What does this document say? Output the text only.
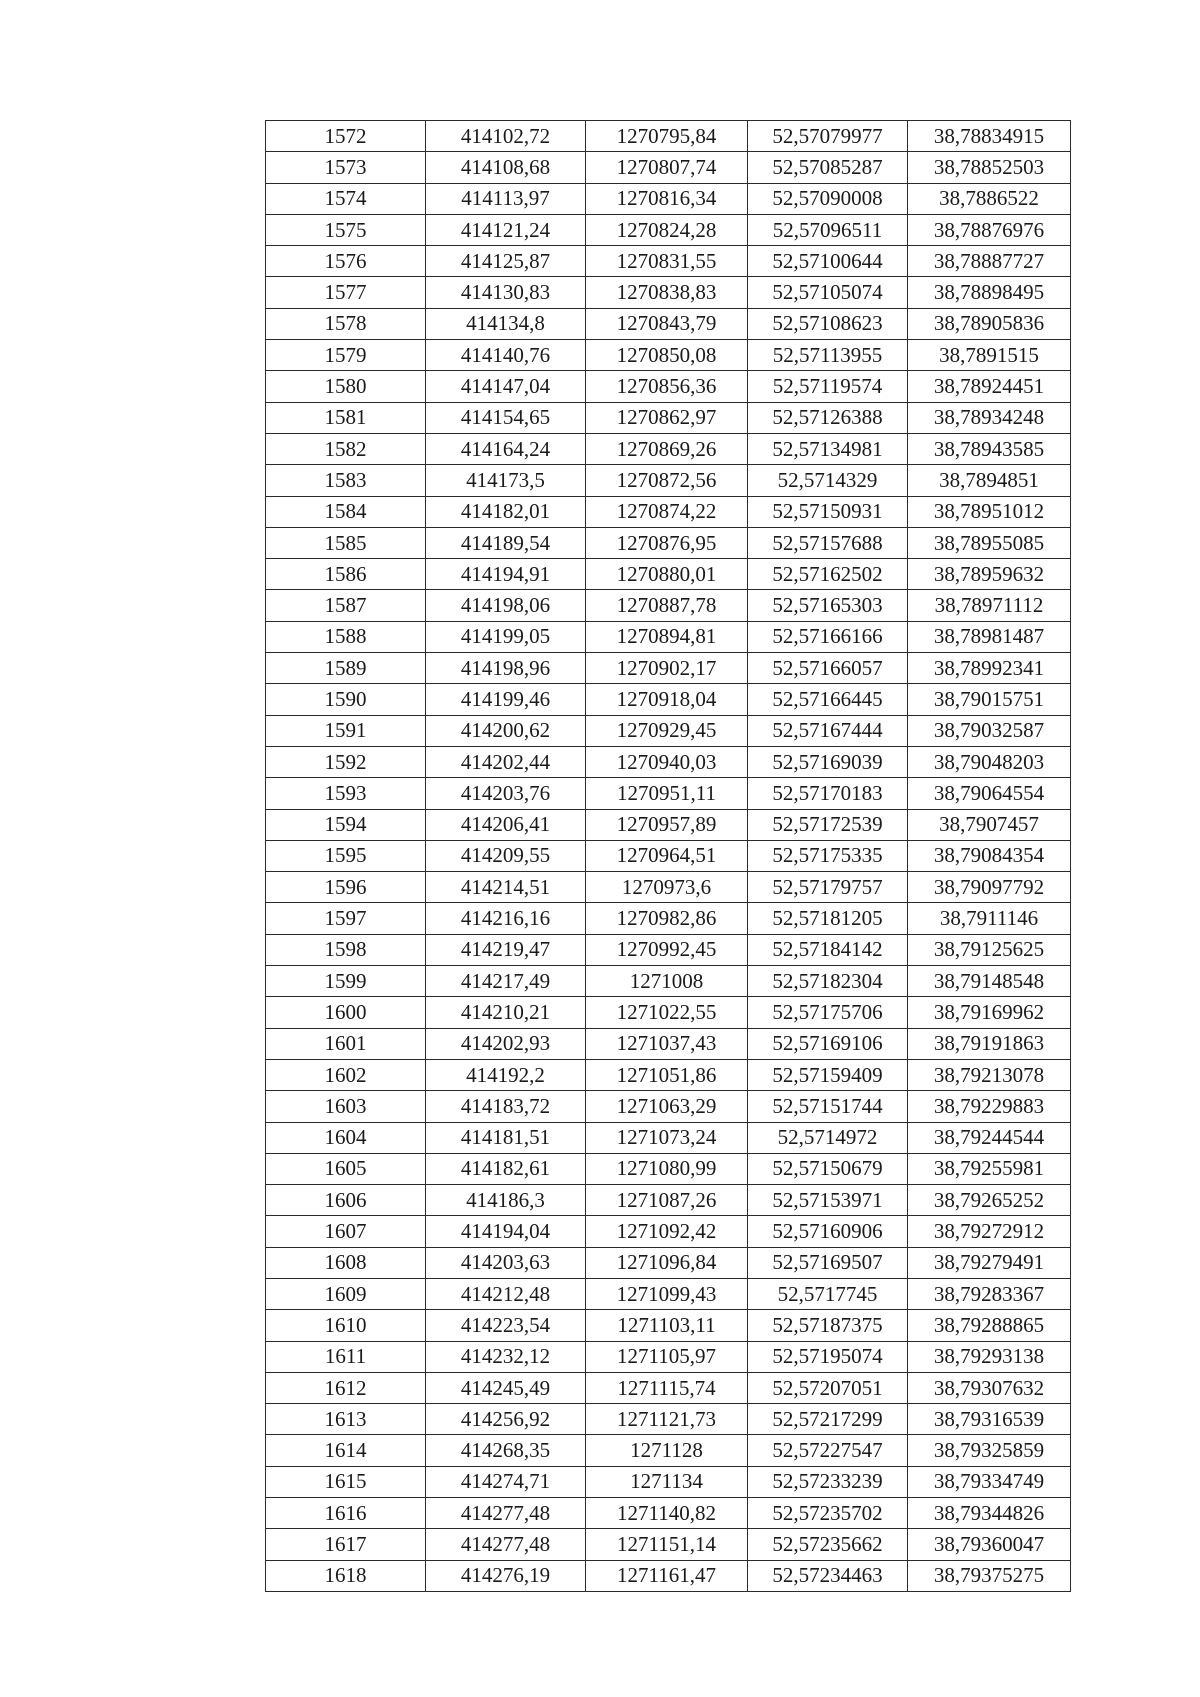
1572	414102,72	1270795,84	52,57079977	38,78834915
1573	414108,68	1270807,74	52,57085287	38,78852503
1574	414113,97	1270816,34	52,57090008	38,7886522
1575	414121,24	1270824,28	52,57096511	38,78876976
1576	414125,87	1270831,55	52,57100644	38,78887727
1577	414130,83	1270838,83	52,57105074	38,78898495
1578	414134,8	1270843,79	52,57108623	38,78905836
1579	414140,76	1270850,08	52,57113955	38,7891515
1580	414147,04	1270856,36	52,57119574	38,78924451
1581	414154,65	1270862,97	52,57126388	38,78934248
1582	414164,24	1270869,26	52,57134981	38,78943585
1583	414173,5	1270872,56	52,5714329	38,7894851
1584	414182,01	1270874,22	52,57150931	38,78951012
1585	414189,54	1270876,95	52,57157688	38,78955085
1586	414194,91	1270880,01	52,57162502	38,78959632
1587	414198,06	1270887,78	52,57165303	38,78971112
1588	414199,05	1270894,81	52,57166166	38,78981487
1589	414198,96	1270902,17	52,57166057	38,78992341
1590	414199,46	1270918,04	52,57166445	38,79015751
1591	414200,62	1270929,45	52,57167444	38,79032587
1592	414202,44	1270940,03	52,57169039	38,79048203
1593	414203,76	1270951,11	52,57170183	38,79064554
1594	414206,41	1270957,89	52,57172539	38,7907457
1595	414209,55	1270964,51	52,57175335	38,79084354
1596	414214,51	1270973,6	52,57179757	38,79097792
1597	414216,16	1270982,86	52,57181205	38,7911146
1598	414219,47	1270992,45	52,57184142	38,79125625
1599	414217,49	1271008	52,57182304	38,79148548
1600	414210,21	1271022,55	52,57175706	38,79169962
1601	414202,93	1271037,43	52,57169106	38,79191863
1602	414192,2	1271051,86	52,57159409	38,79213078
1603	414183,72	1271063,29	52,57151744	38,79229883
1604	414181,51	1271073,24	52,5714972	38,79244544
1605	414182,61	1271080,99	52,57150679	38,79255981
1606	414186,3	1271087,26	52,57153971	38,79265252
1607	414194,04	1271092,42	52,57160906	38,79272912
1608	414203,63	1271096,84	52,57169507	38,79279491
1609	414212,48	1271099,43	52,5717745	38,79283367
1610	414223,54	1271103,11	52,57187375	38,79288865
1611	414232,12	1271105,97	52,57195074	38,79293138
1612	414245,49	1271115,74	52,57207051	38,79307632
1613	414256,92	1271121,73	52,57217299	38,79316539
1614	414268,35	1271128	52,57227547	38,79325859
1615	414274,71	1271134	52,57233239	38,79334749
1616	414277,48	1271140,82	52,57235702	38,79344826
1617	414277,48	1271151,14	52,57235662	38,79360047
1618	414276,19	1271161,47	52,57234463	38,79375275
